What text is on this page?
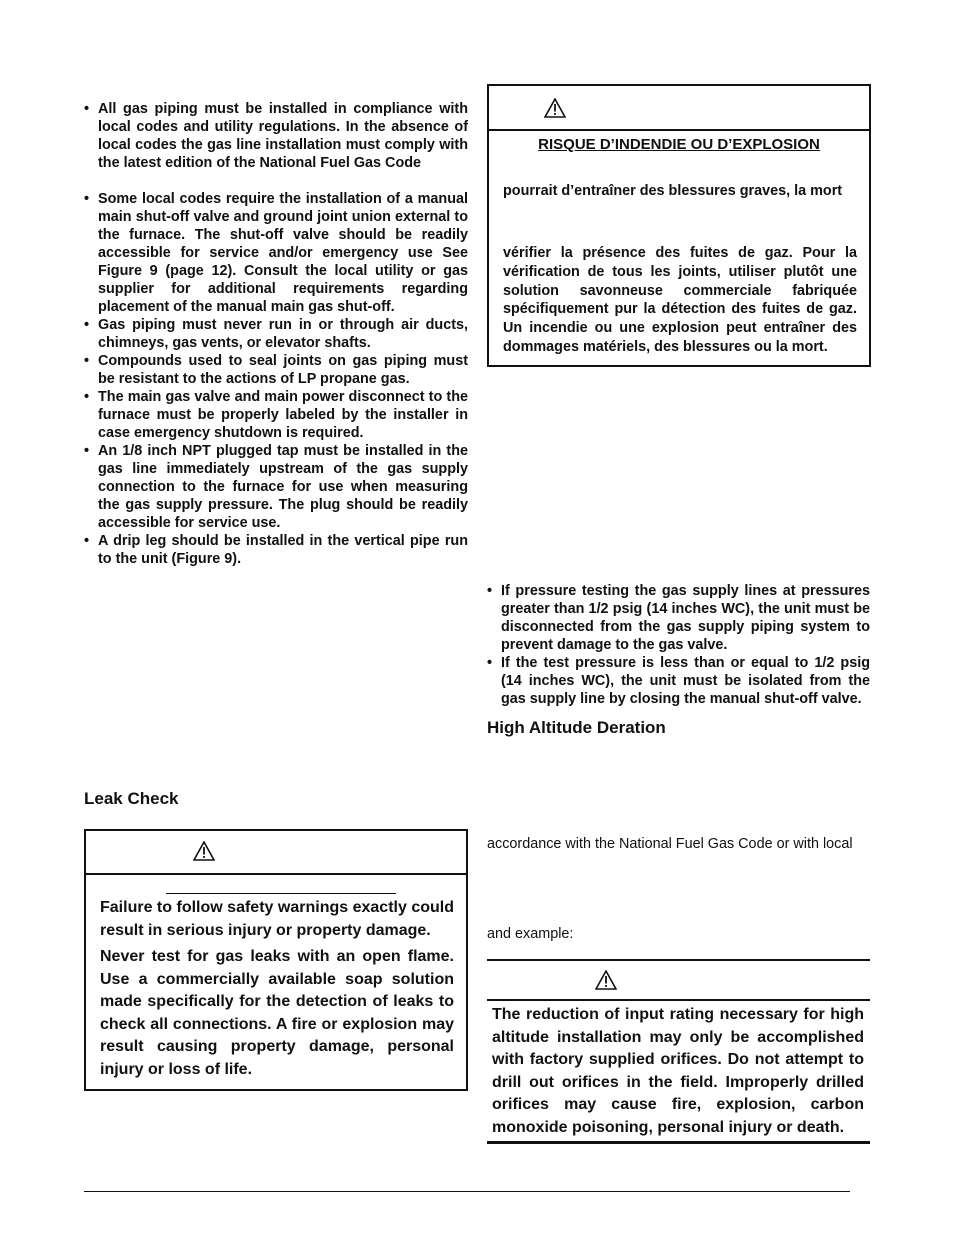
• All gas piping must be installed in compliance with local codes and utility regulations. In the absence of local codes the gas line installation must comply with the latest edition of the National Fuel Gas Code
• Some local codes require the installation of a manual main shut-off valve and ground joint union external to the furnace. The shut-off valve should be readily accessible for service and/or emergency use See Figure 9 (page 12). Consult the local utility or gas supplier for additional requirements regarding placement of the manual main gas shut-off.
• Gas piping must never run in or through air ducts, chimneys, gas vents, or elevator shafts.
• Compounds used to seal joints on gas piping must be resistant to the actions of LP propane gas.
• The main gas valve and main power disconnect to the furnace must be properly labeled by the installer in case emergency shutdown is required.
• An 1/8 inch NPT plugged tap must be installed in the gas line immediately upstream of the gas supply connection to the furnace for use when measuring the gas supply pressure. The plug should be readily accessible for service use.
• A drip leg should be installed in the vertical pipe run to the unit (Figure 9).
Leak Check

Failure to follow safety warnings exactly could result in serious injury or property damage.

Never test for gas leaks with an open flame. Use a commercially available soap solution made specifically for the detection of leaks to check all connections. A fire or explosion may result causing property damage, personal injury or loss of life.

RISQUE D’INDENDIE OU D’EXPLOSION

pourrait d’entraîner des blessures graves, la mort

vérifier la présence des fuites de gaz. Pour la vérification de tous les joints, utiliser plutôt une solution savonneuse commerciale fabriquée spécifiquement pur la détection des fuites de gaz. Un incendie ou une explosion peut entraîner des dommages matériels, des blessures ou la mort.

• If pressure testing the gas supply lines at pressures greater than 1/2 psig (14 inches WC), the unit must be disconnected from the gas supply piping system to prevent damage to the gas valve.
• If the test pressure is less than or equal to 1/2 psig (14 inches WC), the unit must be isolated from the gas supply line by closing the manual shut-off valve.
High Altitude Deration
accordance with the National Fuel Gas Code or with local
and example:

The reduction of input rating necessary for high altitude installation may only be accomplished with factory supplied orifices. Do not attempt to drill out orifices in the field. Improperly drilled orifices may cause fire, explosion, carbon monoxide poisoning, personal injury or death.
